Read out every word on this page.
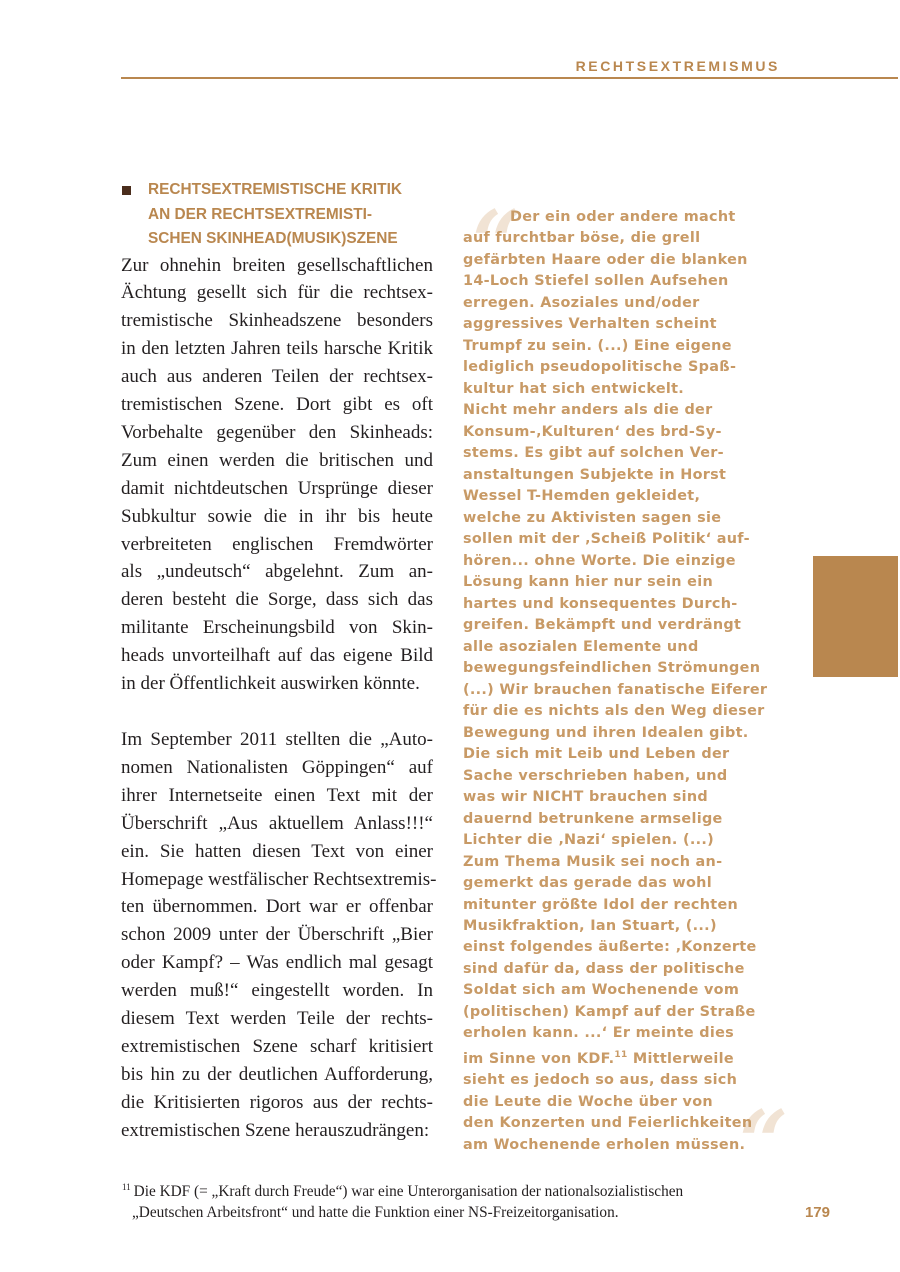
RECHTSEXTREMISMUS
RECHTSEXTREMISTISCHE KRITIK
AN DER RECHTSEXTREMISTI-
SCHEN SKINHEAD(MUSIK)SZENE
Zur ohnehin breiten gesellschaftlichen
Ächtung gesellt sich für die rechtsex-
tremistische Skinheadszene besonders
in den letzten Jahren teils harsche Kritik
auch aus anderen Teilen der rechtsex-
tremistischen Szene. Dort gibt es oft
Vorbehalte gegenüber den Skinheads:
Zum einen werden die britischen und
damit nichtdeutschen Ursprünge dieser
Subkultur sowie die in ihr bis heute
verbreiteten englischen Fremdwörter
als „undeutsch“ abgelehnt. Zum an-
deren besteht die Sorge, dass sich das
militante Erscheinungsbild von Skin-
heads unvorteilhaft auf das eigene Bild
in der Öffentlichkeit auswirken könnte.
Im September 2011 stellten die „Auto-
nomen Nationalisten Göppingen“ auf
ihrer Internetseite einen Text mit der
Überschrift „Aus aktuellem Anlass!!!“
ein. Sie hatten diesen Text von einer
Homepage westfälischer Rechtsextremis-
ten übernommen. Dort war er offenbar
schon 2009 unter der Überschrift „Bier
oder Kampf? – Was endlich mal gesagt
werden muß!“ eingestellt worden. In
diesem Text werden Teile der rechts-
extremistischen Szene scharf kritisiert
bis hin zu der deutlichen Aufforderung,
die Kritisierten rigoros aus der rechts-
extremistischen Szene herauszudrängen:
“
“
Der ein oder andere macht
auf furchtbar böse, die grell
gefärbten Haare oder die blanken
14-Loch Stiefel sollen Aufsehen
erregen. Asoziales und/oder
aggressives Verhalten scheint
Trumpf zu sein. (...) Eine eigene
lediglich pseudopolitische Spaß-
kultur hat sich entwickelt.
Nicht mehr anders als die der
Konsum-‚Kulturen‘ des brd-Sy-
stems. Es gibt auf solchen Ver-
anstaltungen Subjekte in Horst
Wessel T-Hemden gekleidet,
welche zu Aktivisten sagen sie
sollen mit der ‚Scheiß Politik‘ auf-
hören... ohne Worte. Die einzige
Lösung kann hier nur sein ein
hartes und konsequentes Durch-
greifen. Bekämpft und verdrängt
alle asozialen Elemente und
bewegungsfeindlichen Strömungen
(...) Wir brauchen fanatische Eiferer
für die es nichts als den Weg dieser
Bewegung und ihren Idealen gibt.
Die sich mit Leib und Leben der
Sache verschrieben haben, und
was wir NICHT brauchen sind
dauernd betrunkene armselige
Lichter die ‚Nazi‘ spielen. (...)
Zum Thema Musik sei noch an-
gemerkt das gerade das wohl
mitunter größte Idol der rechten
Musikfraktion, Ian Stuart, (...)
einst folgendes äußerte: ‚Konzerte
sind dafür da, dass der politische
Soldat sich am Wochenende vom
(politischen) Kampf auf der Straße
erholen kann. ...‘ Er meinte dies
im Sinne von KDF.$^{11}$ Mittlerweile
sieht es jedoch so aus, dass sich
die Leute die Woche über von
den Konzerten und Feierlichkeiten
am Wochenende erholen müssen.
$^{11}$ Die KDF (= „Kraft durch Freude“) war eine Unterorganisation der nationalsozialistischen
„Deutschen Arbeitsfront“ und hatte die Funktion einer NS-Freizeitorganisation.	179
